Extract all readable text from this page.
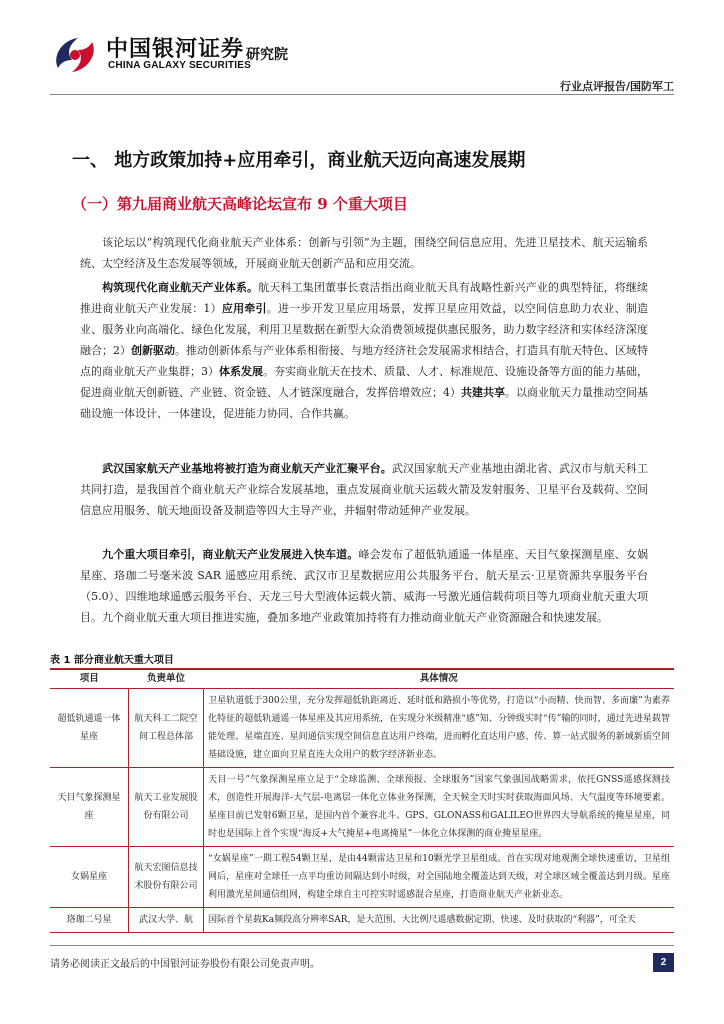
中国银河证券
CHINA GALAXY SECURITIES
研究院
行业点评报告/国防军工
一、 地方政策加持+应用牵引，商业航天迈向高速发展期
（一）第九届商业航天高峰论坛宣布 9 个重大项目
该论坛以“构筑现代化商业航天产业体系：创新与引领”为主题，围绕空间信息应用、先进卫星技术、航天运输系统、太空经济及生态发展等领域，开展商业航天创新产品和应用交流。
构筑现代化商业航天产业体系。航天科工集团董事长袁洁指出商业航天具有战略性新兴产业的典型特征，将继续推进商业航天产业发展：1）应用牵引。进一步开发卫星应用场景，发挥卫星应用效益，以空间信息助力农业、制造业、服务业向高端化、绿色化发展，利用卫星数据在新型大众消费领域提供惠民服务，助力数字经济和实体经济深度融合；2）创新驱动。推动创新体系与产业体系相衔接、与地方经济社会发展需求相结合，打造具有航天特色、区域特点的商业航天产业集群；3）体系发展。夯实商业航天在技术、质量、人才、标准规范、设施设备等方面的能力基础，促进商业航天创新链、产业链、资金链、人才链深度融合，发挥倍增效应；4）共建共享。以商业航天力量推动空间基础设施一体设计、一体建设，促进能力协同、合作共赢。
武汉国家航天产业基地将被打造为商业航天产业汇聚平台。武汉国家航天产业基地由湖北省、武汉市与航天科工共同打造，是我国首个商业航天产业综合发展基地，重点发展商业航天运载火箭及发射服务、卫星平台及载荷、空间信息应用服务、航天地面设备及制造等四大主导产业，并辐射带动延伸产业发展。
九个重大项目牵引，商业航天产业发展进入快车道。峰会发布了超低轨通遥一体星座、天目气象探测星座、女娲星座、珞珈二号毫米波 SAR 遥感应用系统、武汉市卫星数据应用公共服务平台、航天星云·卫星资源共享服务平台（5.0）、四维地球遥感云服务平台、天龙三号大型液体运载火箭、威海一号激光通信载荷项目等九项商业航天重大项目。九个商业航天重大项目推进实施，叠加多地产业政策加持将有力推动商业航天产业资源融合和快速发展。
表 1 部分商业航天重大项目
项目	负责单位	具体情况
超低轨通遥一体星座	航天科工二院空间工程总体部	卫星轨道低于300公里，充分发挥超低轨距离近、延时低和路损小等优势，打造以“小而精、快而智、多而廉”为素养化特征的超低轨通遥一体星座及其应用系统，在实现分米级精准“感”知、分钟级实时“传”输的同时，通过先进星载智能处理、星端直连、星间通信实现空间信息直达用户终端，进而孵化直达用户感、传、算一站式服务的新域新质空间基础设施，建立面向卫星直连大众用户的数字经济新业态。
天目气象探测星座	航天工业发展股份有限公司	天目一号”气象探测星座立足于“全球监测、全球预报、全球服务”国家气象强国战略需求，依托GNSS遥感探测技术，创造性开展海洋-大气层-电离层一体化立体业务探测，全天候全天时实时获取海面风场、大气温度等环境要素。星座目前已发射6颗卫星，是国内首个兼容北斗、GPS、GLONASS和GALILEO世界四大导航系统的掩星星座，同时也是国际上首个实现“海反+大气掩星+电离掩星”一体化立体探测的商业掩星星座。
女娲星座	航天宏图信息技术股份有限公司	“女娲星座”一期工程54颗卫星，是由44颗雷达卫星和10颗光学卫星组成。首在实现对地观测全球快速重访，卫星组网后，星座对全球任一点平均重访间隔达到小时级，对全国陆地全覆盖达到天级，对全球区域全覆盖达到月级。星座利用激光星间通信组网，构建全球自主可控实时遥感混合星座，打造商业航天产业新业态。
珞珈二号星	武汉大学、航	国际首个星载Ka频段高分辨率SAR，是大范围、大比例尺遥感数据定期、快速、及时获取的“利器”，可全天
请务必阅读正文最后的中国银河证券股份有限公司免责声明。	2
